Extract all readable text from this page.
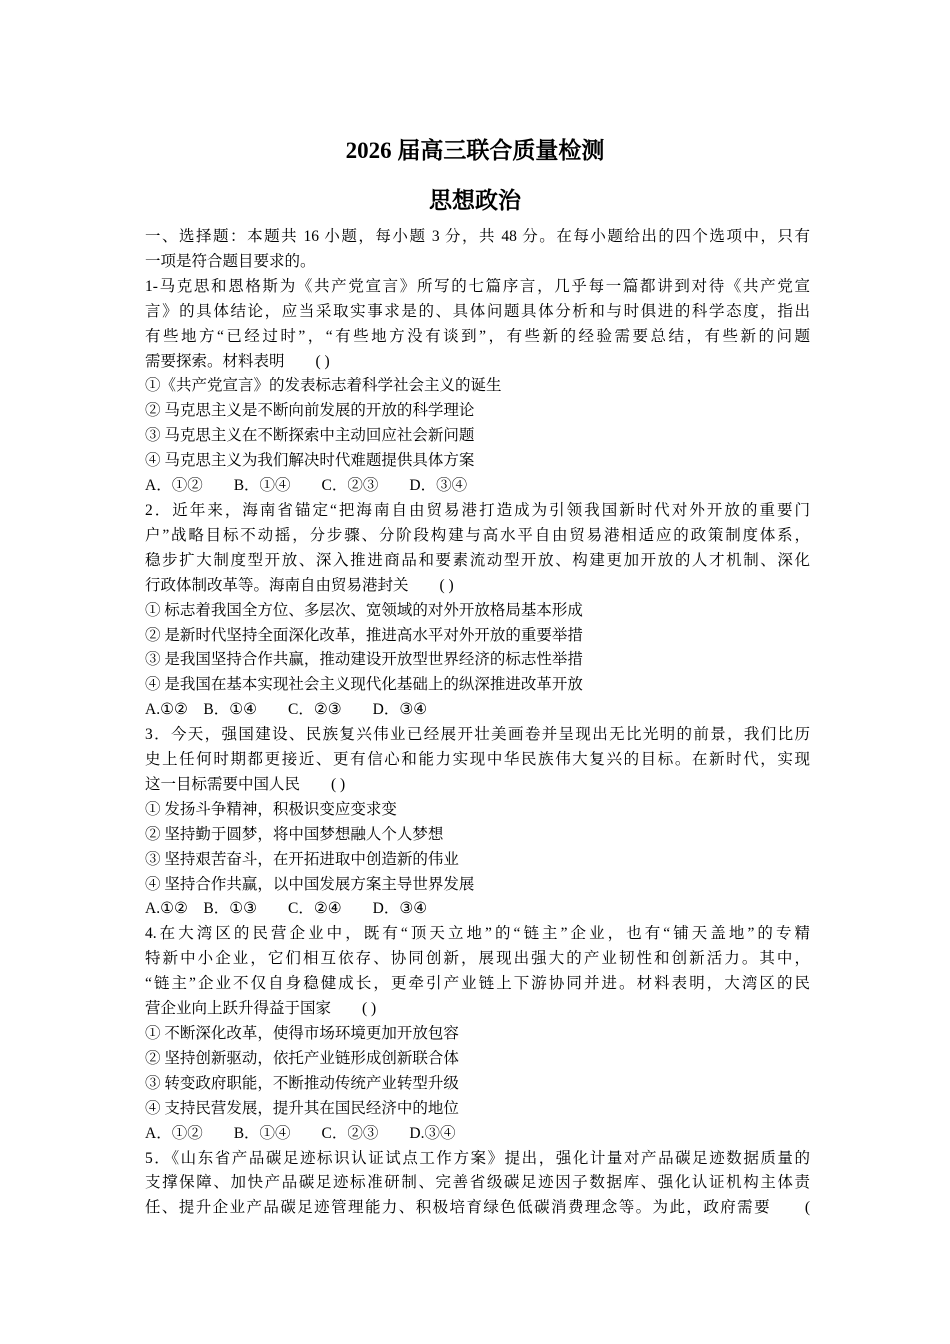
2026 届高三联合质量检测
思想政治

一、选择题：本题共 16 小题，每小题 3 分，共 48 分。在每小题给出的四个选项中，只有

一项是符合题目要求的。

1-马克思和恩格斯为《共产党宣言》所写的七篇序言，几乎每一篇都讲到对待《共产党宣

言》的具体结论，应当采取实事求是的、具体问题具体分析和与时俱进的科学态度，指出

有些地方“已经过时”，“有些地方没有谈到”，有些新的经验需要总结，有些新的问题

需要探索。材料表明　　( )

①《共产党宣言》的发表标志着科学社会主义的诞生

② 马克思主义是不断向前发展的开放的科学理论

③ 马克思主义在不断探索中主动回应社会新问题

④ 马克思主义为我们解决时代难题提供具体方案

A．①②　　B．①④　　C．②③　　D．③④

2．近年来，海南省锚定“把海南自由贸易港打造成为引领我国新时代对外开放的重要门

户”战略目标不动摇，分步骤、分阶段构建与高水平自由贸易港相适应的政策制度体系，

稳步扩大制度型开放、深入推进商品和要素流动型开放、构建更加开放的人才机制、深化

行政体制改革等。海南自由贸易港封关　　( )

① 标志着我国全方位、多层次、宽领域的对外开放格局基本形成

② 是新时代坚持全面深化改革，推进高水平对外开放的重要举措

③ 是我国坚持合作共赢，推动建设开放型世界经济的标志性举措

④ 是我国在基本实现社会主义现代化基础上的纵深推进改革开放

A.①②　B．①④　　C．②③　　D．③④

3．今天，强国建设、民族复兴伟业已经展开壮美画卷并呈现出无比光明的前景，我们比历

史上任何时期都更接近、更有信心和能力实现中华民族伟大复兴的目标。在新时代，实现

这一目标需要中国人民　　( )

① 发扬斗争精神，积极识变应变求变

② 坚持勤于圆梦，将中国梦想融人个人梦想

③ 坚持艰苦奋斗，在开拓进取中创造新的伟业

④ 坚持合作共赢，以中国发展方案主导世界发展

A.①②　B．①③　　C．②④　　D．③④

4.在大湾区的民营企业中，既有“顶天立地”的“链主”企业，也有“铺天盖地”的专精

特新中小企业，它们相互依存、协同创新，展现出强大的产业韧性和创新活力。其中，

“链主”企业不仅自身稳健成长，更牵引产业链上下游协同并进。材料表明，大湾区的民

营企业向上跃升得益于国家　　( )

① 不断深化改革，使得市场环境更加开放包容

② 坚持创新驱动，依托产业链形成创新联合体

③ 转变政府职能，不断推动传统产业转型升级

④ 支持民营发展，提升其在国民经济中的地位

A．①②　　B．①④　　C．②③　　D.③④

5．《山东省产品碳足迹标识认证试点工作方案》提出，强化计量对产品碳足迹数据质量的

支撑保障、加快产品碳足迹标准研制、完善省级碳足迹因子数据库、强化认证机构主体责

任、提升企业产品碳足迹管理能力、积极培育绿色低碳消费理念等。为此，政府需要　　(
